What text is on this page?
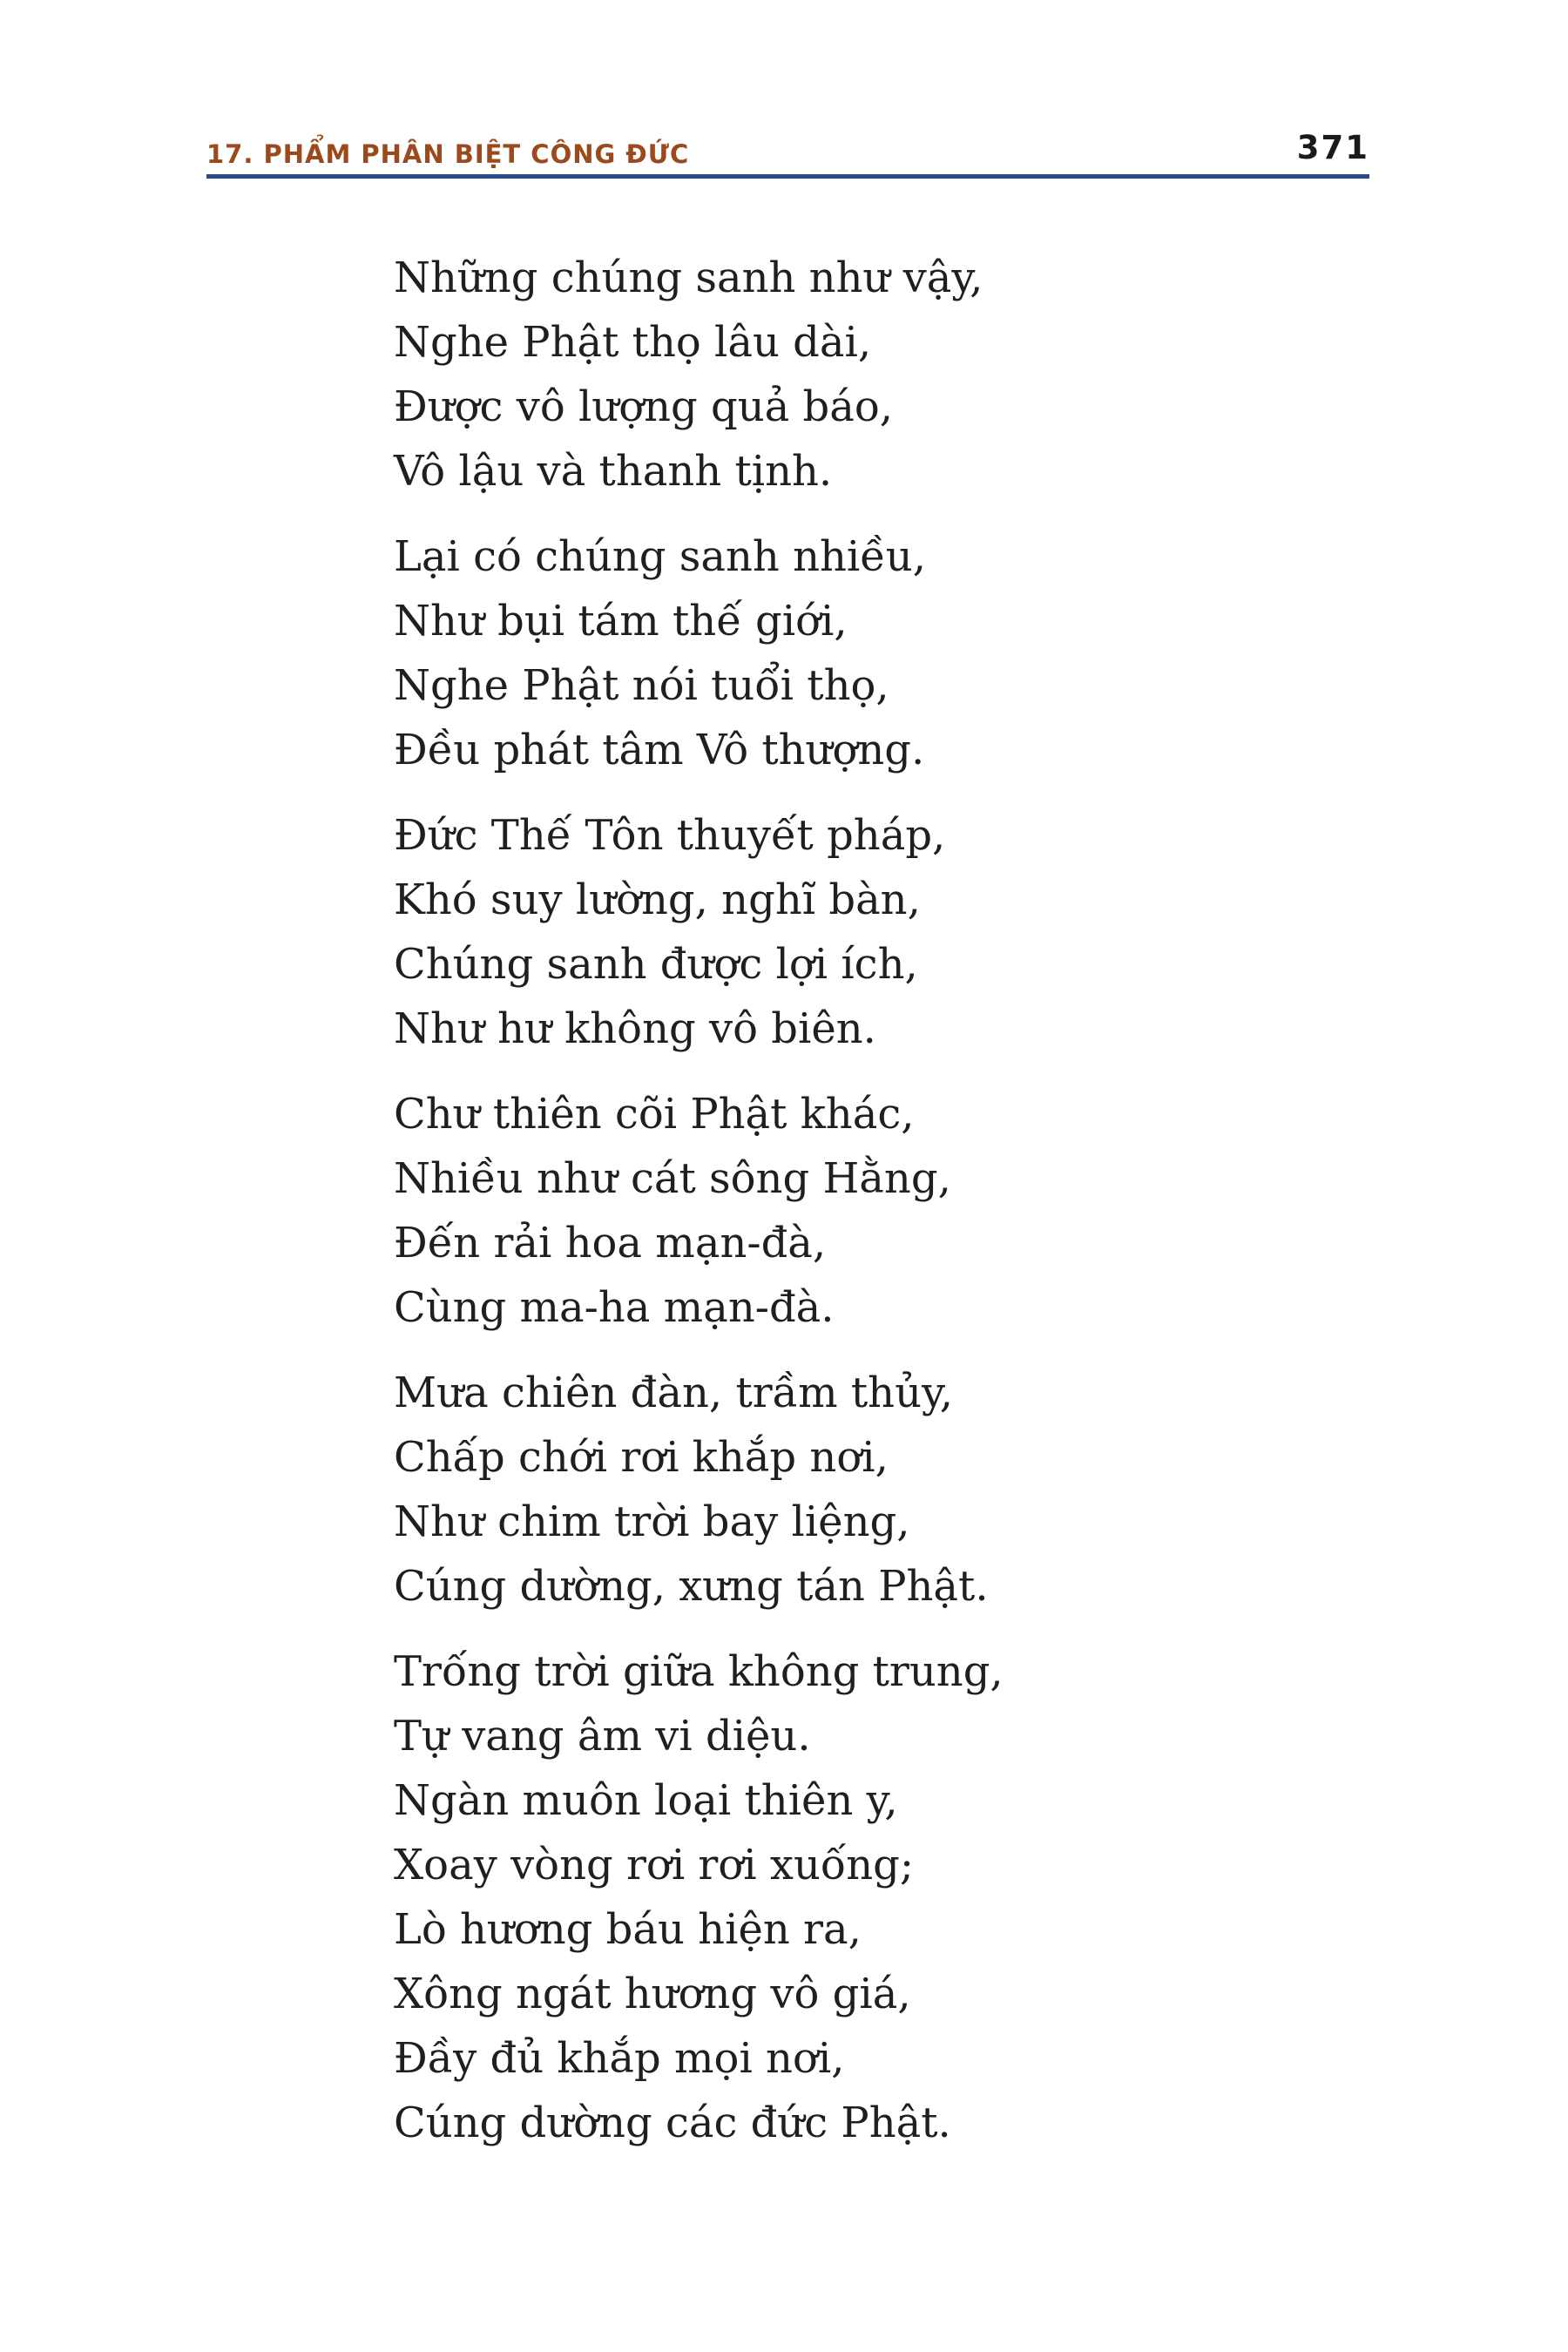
17. PHẨM PHÂN BIỆT CÔNG ĐỨC	371
Những chúng sanh như vậy,
Nghe Phật thọ lâu dài,
Được vô lượng quả báo,
Vô lậu và thanh tịnh.
Lại có chúng sanh nhiều,
Như bụi tám thế giới,
Nghe Phật nói tuổi thọ,
Đều phát tâm Vô thượng.
Đức Thế Tôn thuyết pháp,
Khó suy lường, nghĩ bàn,
Chúng sanh được lợi ích,
Như hư không vô biên.
Chư thiên cõi Phật khác,
Nhiều như cát sông Hằng,
Đến rải hoa mạn-đà,
Cùng ma-ha mạn-đà.
Mưa chiên đàn, trầm thủy,
Chấp chới rơi khắp nơi,
Như chim trời bay liệng,
Cúng dường, xưng tán Phật.
Trống trời giữa không trung,
Tự vang âm vi diệu.
Ngàn muôn loại thiên y,
Xoay vòng rơi rơi xuống;
Lò hương báu hiện ra,
Xông ngát hương vô giá,
Đầy đủ khắp mọi nơi,
Cúng dường các đức Phật.
